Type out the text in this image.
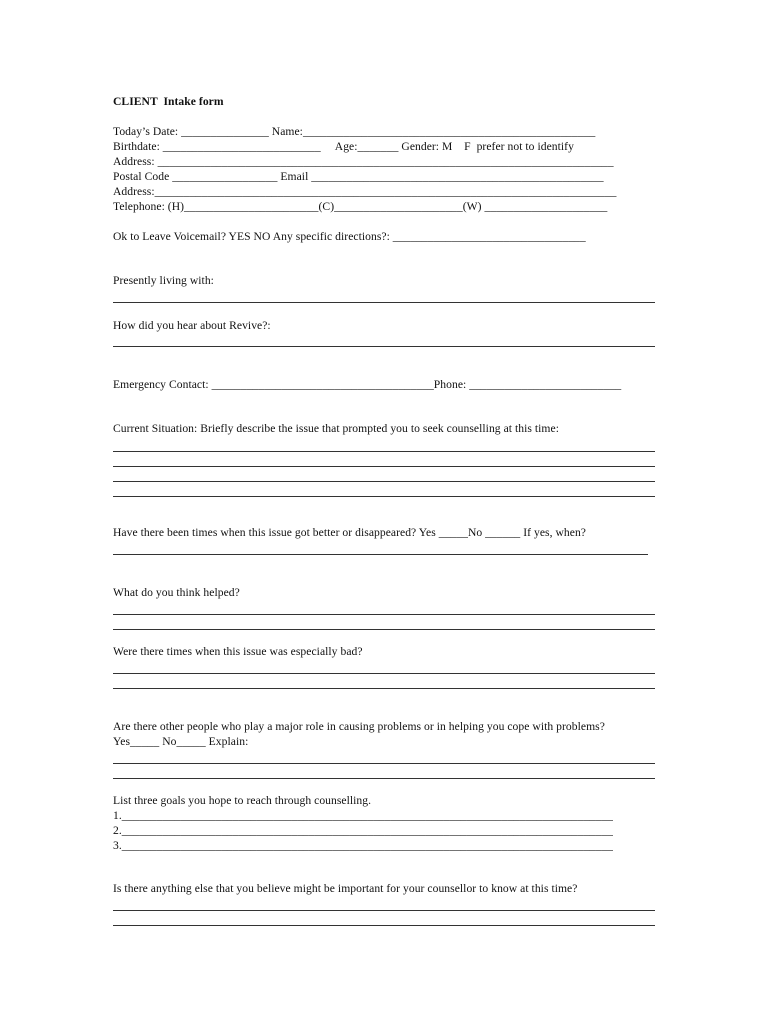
CLIENT  Intake form
Today’s Date: _______________ Name:__________________________________________________
Birthdate: ___________________________     Age:_______ Gender: M    F  prefer not to identify
Address: ______________________________________________________________________________
Postal Code __________________ Email __________________________________________________
Address:_______________________________________________________________________________
Telephone: (H)_______________________(C)______________________(W) _____________________
Ok to Leave Voicemail? YES NO Any specific directions?: _________________________________
Presently living with:
How did you hear about Revive?:
Emergency Contact: ______________________________________Phone: __________________________
Current Situation: Briefly describe the issue that prompted you to seek counselling at this time:
Have there been times when this issue got better or disappeared? Yes _____No ______ If yes, when?
What do you think helped?
Were there times when this issue was especially bad?
Are there other people who play a major role in causing problems or in helping you cope with problems?
Yes_____ No_____ Explain:
List three goals you hope to reach through counselling.
1.____________________________________________________________________________________
2.____________________________________________________________________________________
3.____________________________________________________________________________________
Is there anything else that you believe might be important for your counsellor to know at this time?
